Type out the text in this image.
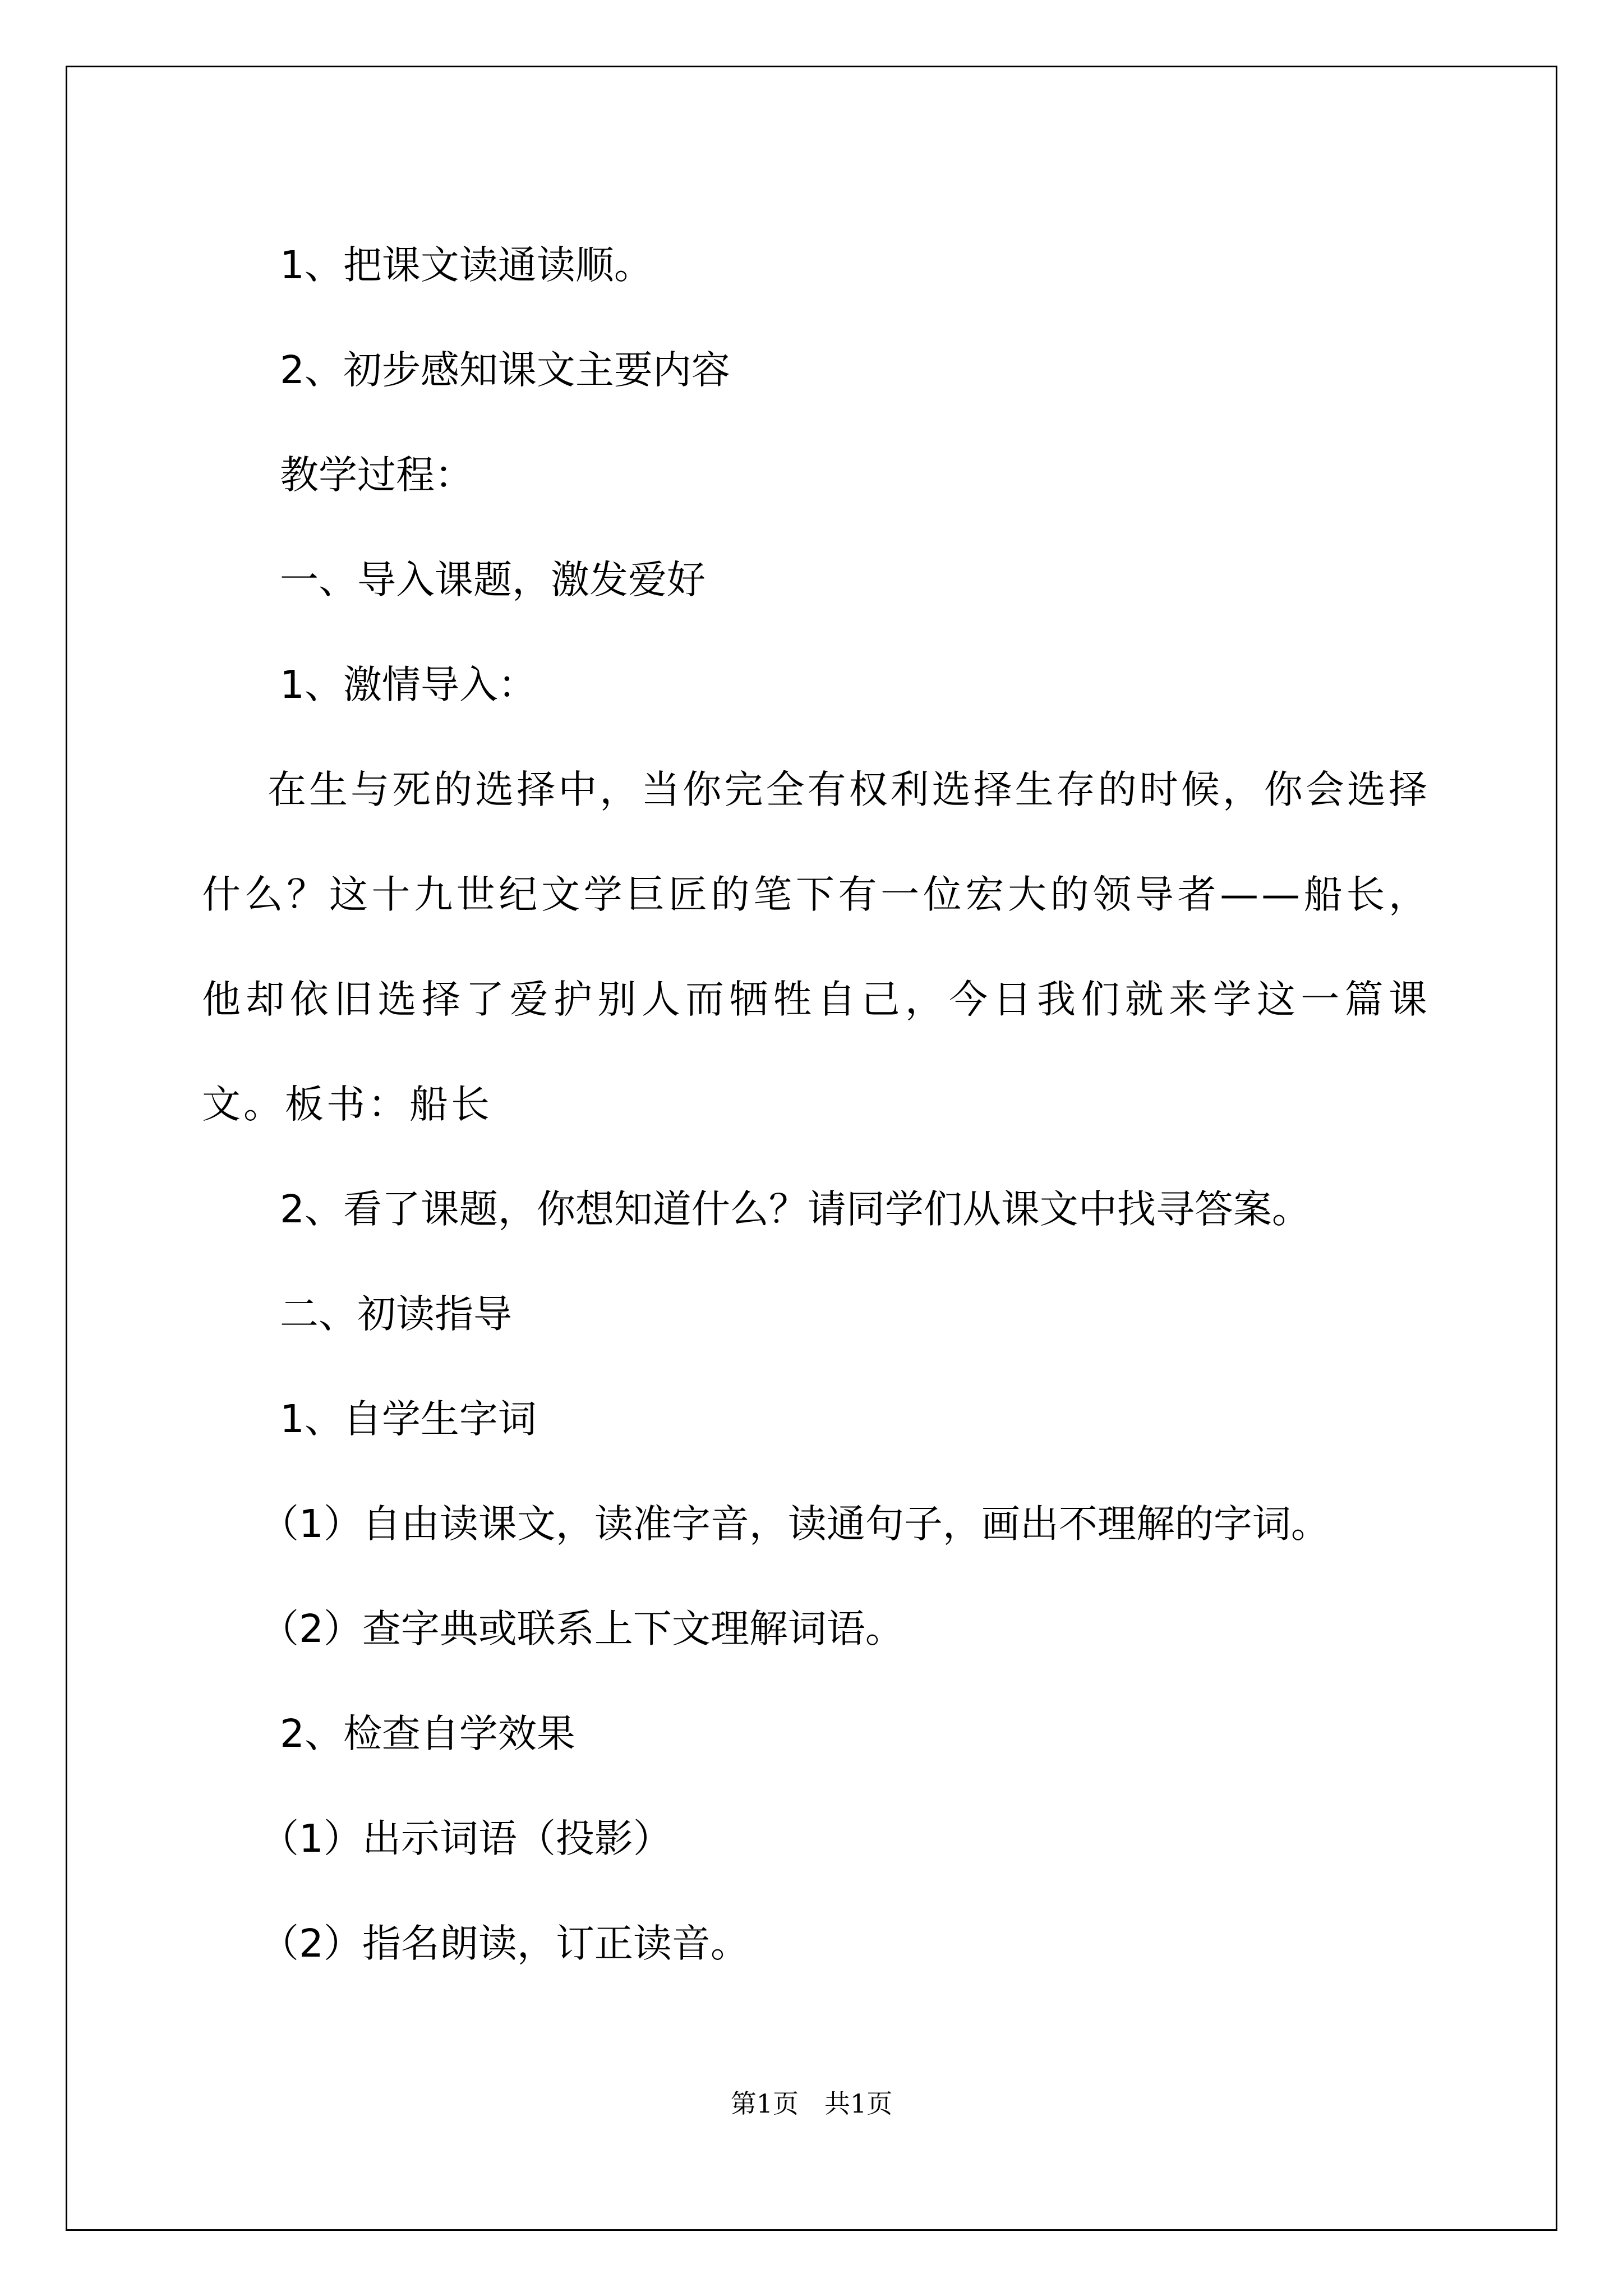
1、把课文读通读顺。

2、初步感知课文主要内容

教学过程：

一、导入课题，激发爱好

1、激情导入：

在生与死的选择中，当你完全有权利选择生存的时候，你会选择什么？这十九世纪文学巨匠的笔下有一位宏大的领导者——船长，他却依旧选择了爱护别人而牺牲自己，今日我们就来学这一篇课文。板书：船长

2、看了课题，你想知道什么？请同学们从课文中找寻答案。

二、初读指导

1、自学生字词

（1）自由读课文，读准字音，读通句子，画出不理解的字词。

（2）查字典或联系上下文理解词语。

2、检查自学效果

（1）出示词语（投影）

（2）指名朗读，订正读音。

第1页 共1页
